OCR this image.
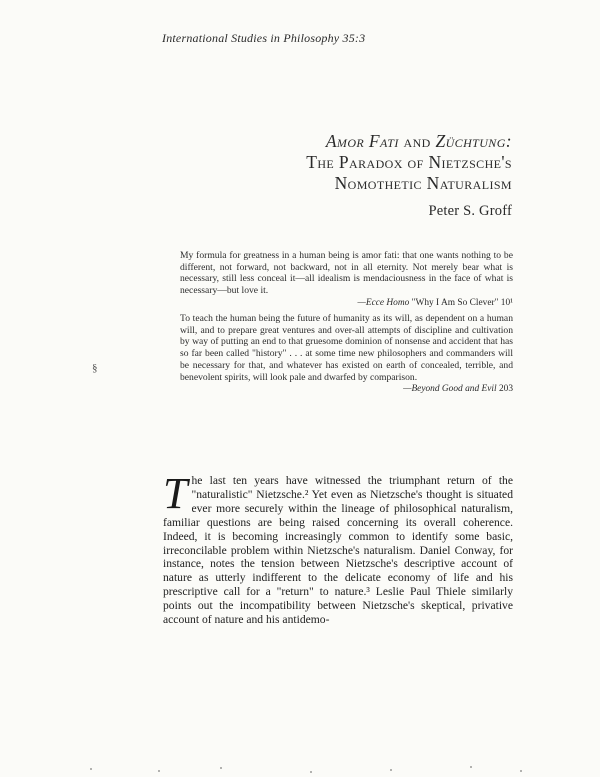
International Studies in Philosophy 35:3
Amor Fati and Züchtung:
The Paradox of Nietzsche's
Nomothetic Naturalism
Peter S. Groff
My formula for greatness in a human being is amor fati: that one wants nothing to be different, not forward, not backward, not in all eternity. Not merely bear what is necessary, still less conceal it—all idealism is mendaciousness in the face of what is necessary—but love it.
—Ecce Homo "Why I Am So Clever" 10¹
To teach the human being the future of humanity as its will, as dependent on a human will, and to prepare great ventures and over-all attempts of discipline and cultivation by way of putting an end to that gruesome dominion of nonsense and accident that has so far been called "history" . . . at some time new philosophers and commanders will be necessary for that, and whatever has existed on earth of concealed, terrible, and benevolent spirits, will look pale and dwarfed by comparison.
—Beyond Good and Evil 203
§
The last ten years have witnessed the triumphant return of the "naturalistic" Nietzsche.² Yet even as Nietzsche's thought is situated ever more securely within the lineage of philosophical naturalism, familiar questions are being raised concerning its overall coherence. Indeed, it is becoming increasingly common to identify some basic, irreconcilable problem within Nietzsche's naturalism. Daniel Conway, for instance, notes the tension between Nietzsche's descriptive account of nature as utterly indifferent to the delicate economy of life and his prescriptive call for a "return" to nature.³ Leslie Paul Thiele similarly points out the incompatibility between Nietzsche's skeptical, privative account of nature and his antidemo-
